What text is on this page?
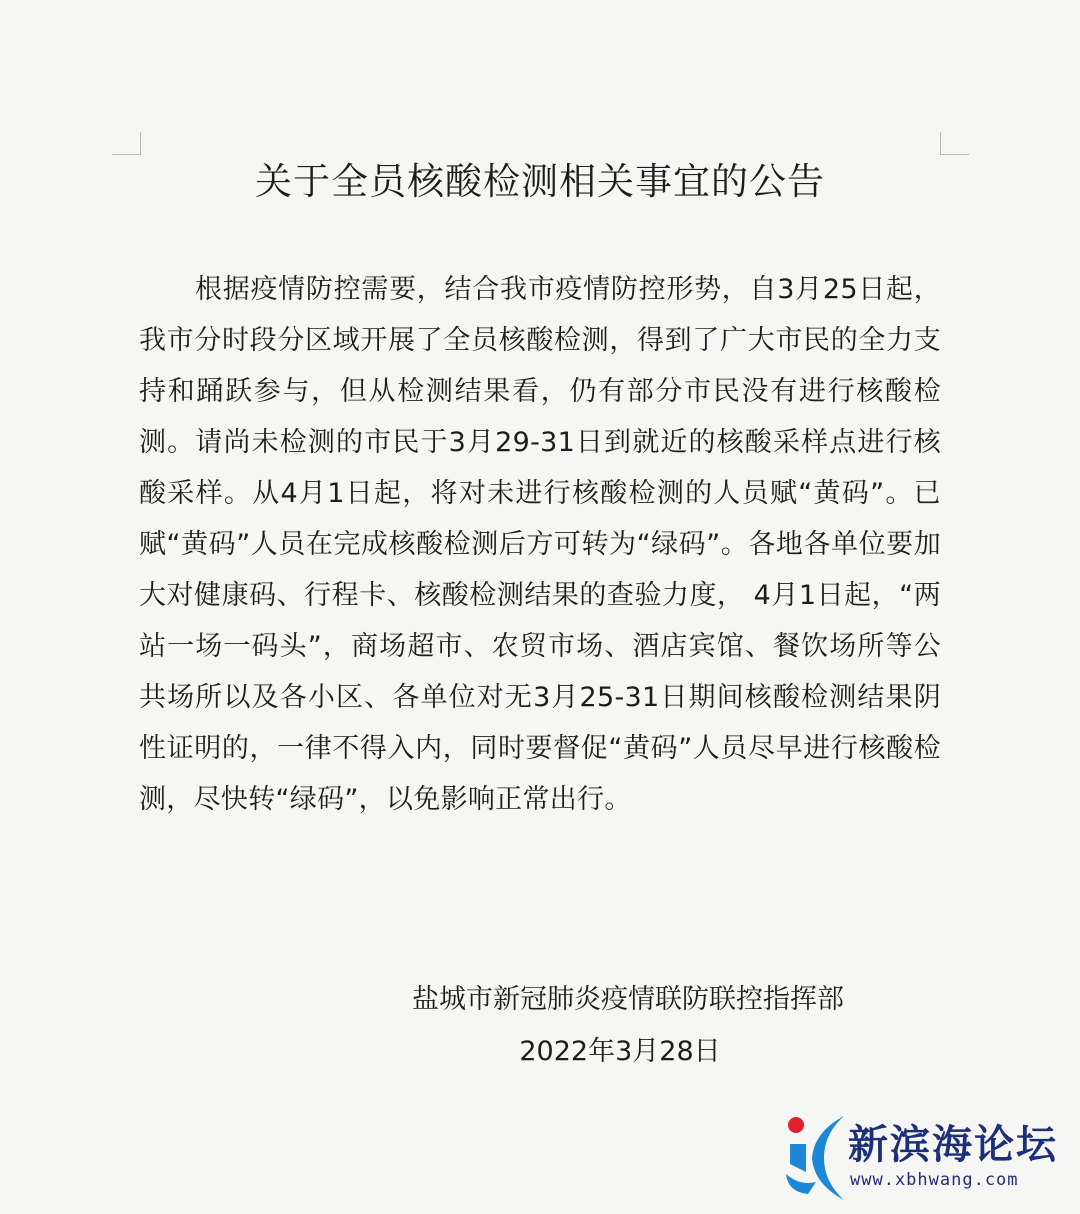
关于全员核酸检测相关事宜的公告

根据疫情防控需要，结合我市疫情防控形势，自3月25日起，我市分时段分区域开展了全员核酸检测，得到了广大市民的全力支持和踊跃参与，但从检测结果看，仍有部分市民没有进行核酸检测。请尚未检测的市民于3月29-31日到就近的核酸采样点进行核酸采样。从4月1日起，将对未进行核酸检测的人员赋“黄码”。已赋“黄码”人员在完成核酸检测后方可转为“绿码”。各地各单位要加大对健康码、行程卡、核酸检测结果的查验力度， 4月1日起，“两站一场一码头”，商场超市、农贸市场、酒店宾馆、餐饮场所等公共场所以及各小区、各单位对无3月25-31日期间核酸检测结果阴性证明的，一律不得入内，同时要督促“黄码”人员尽早进行核酸检测，尽快转“绿码”，以免影响正常出行。

盐城市新冠肺炎疫情联防联控指挥部
2022年3月28日
新滨海论坛
www.xbhwang.com
